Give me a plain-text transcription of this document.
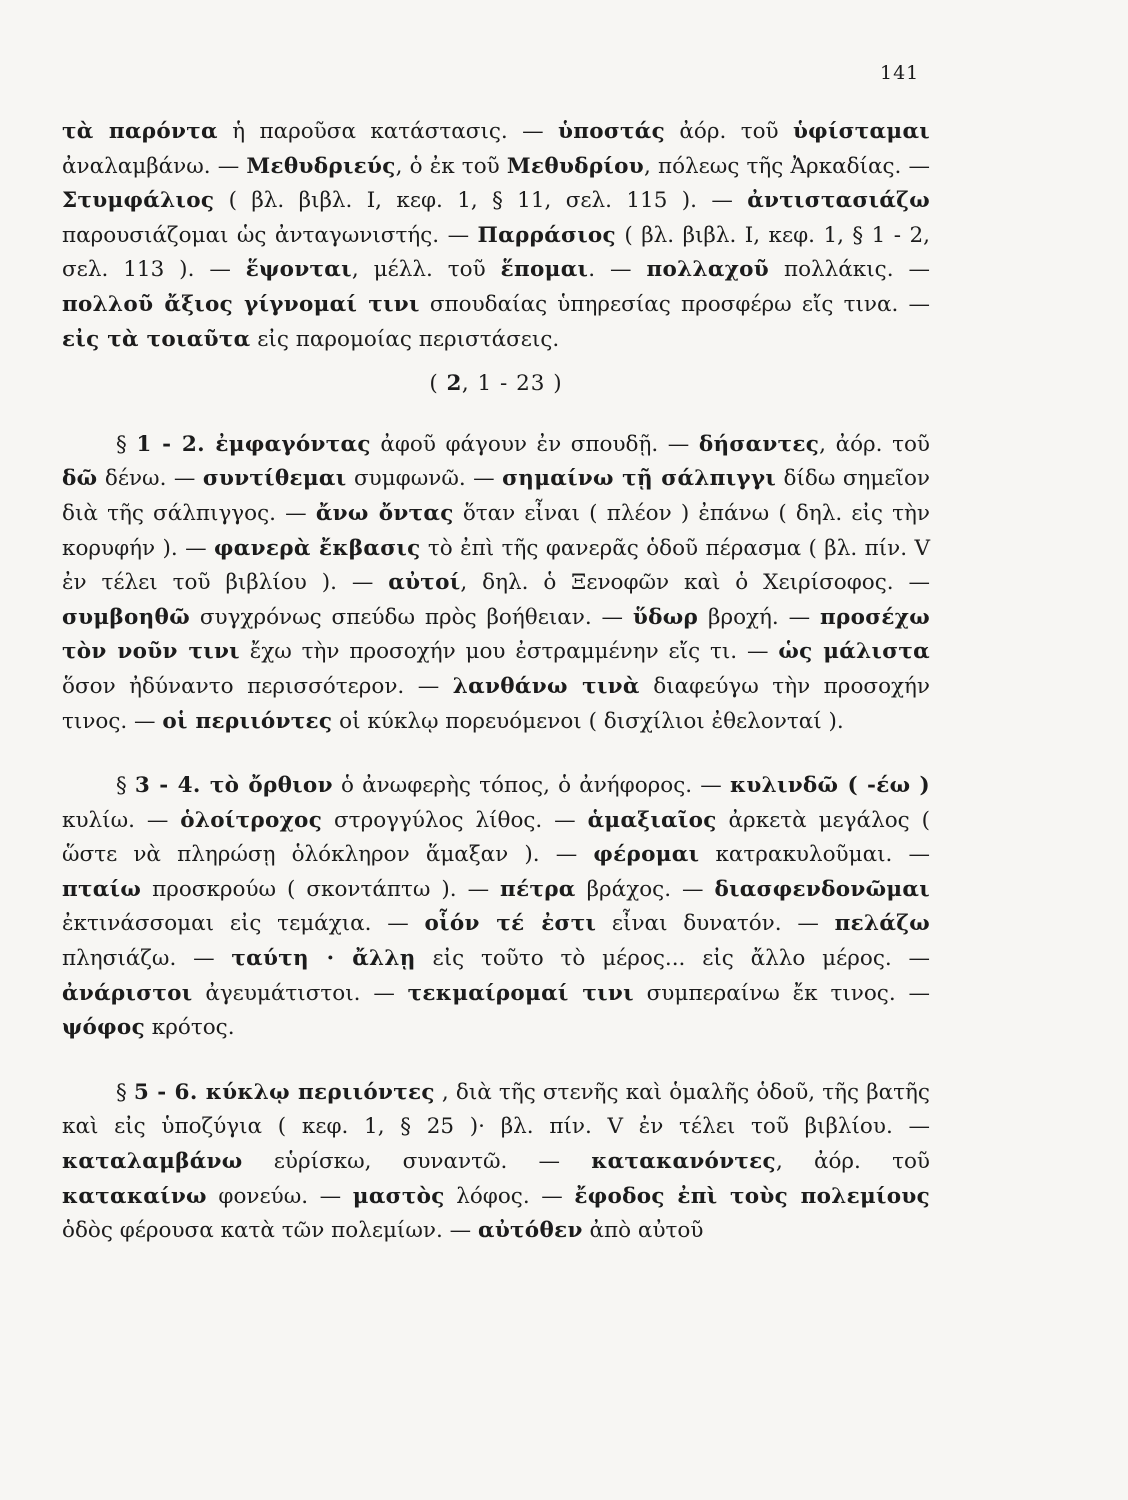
141

τὰ παρόντα ἡ παροῦσα κατάστασις. — ὑποστάς ἀόρ. τοῦ ὑφίσταμαι ἀναλαμβάνω. — Μεθυδριεύς, ὁ ἐκ τοῦ Μεθυδρίου, πόλεως τῆς Ἀρκαδίας. — Στυμφάλιος ( βλ. βιβλ. I, κεφ. 1, § 11, σελ. 115 ). — ἀντιστασιάζω παρουσιάζομαι ὡς ἀνταγωνιστής. — Παρράσιος ( βλ. βιβλ. I, κεφ. 1, § 1 - 2, σελ. 113 ). — ἕψονται, μέλλ. τοῦ ἕπομαι. — πολλαχοῦ πολλάκις. — πολλοῦ ἄξιος γίγνομαί τινι σπουδαίας ὑπηρεσίας προσφέρω εἴς τινα. — εἰς τὰ τοιαῦτα εἰς παρομοίας περιστάσεις.

( 2, 1 - 23 )

§ 1 - 2. ἐμφαγόντας ἀφοῦ φάγουν ἐν σπουδῇ. — δήσαντες, ἀόρ. τοῦ δῶ δένω. — συντίθεμαι συμφωνῶ. — σημαίνω τῇ σάλπιγγι δίδω σημεῖον διὰ τῆς σάλπιγγος. — ἄνω ὄντας ὅταν εἶναι ( πλέον ) ἐπάνω ( δηλ. εἰς τὴν κορυφήν ). — φανερὰ ἔκβασις τὸ ἐπὶ τῆς φανερᾶς ὁδοῦ πέρασμα ( βλ. πίν. V ἐν τέλει τοῦ βιβλίου ). — αὐτοί, δηλ. ὁ Ξενοφῶν καὶ ὁ Χειρίσοφος. — συμβοηθῶ συγχρόνως σπεύδω πρὸς βοήθειαν. — ὕδωρ βροχή. — προσέχω τὸν νοῦν τινι ἔχω τὴν προσοχήν μου ἐστραμμένην εἴς τι. — ὡς μάλιστα ὅσον ἠδύναντο περισσότερον. — λανθάνω τινὰ διαφεύγω τὴν προσοχήν τινος. — οἱ περιιόντες οἱ κύκλῳ πορευόμενοι ( δισχίλιοι ἐθελονταί ).

§ 3 - 4. τὸ ὄρθιον ὁ ἀνωφερὴς τόπος, ὁ ἀνήφορος. — κυλινδῶ ( -έω ) κυλίω. — ὁλοίτροχος στρογγύλος λίθος. — ἁμαξιαῖος ἀρκετὰ μεγάλος ( ὥστε νὰ πληρώσῃ ὁλόκληρον ἅμαξαν ). — φέρομαι κατρακυλοῦμαι. — πταίω προσκρούω ( σκοντάπτω ). — πέτρα βράχος. — διασφενδονῶμαι ἐκτινάσσομαι εἰς τεμάχια. — οἷόν τέ ἐστι εἶναι δυνατόν. — πελάζω πλησιάζω. — ταύτη · ἄλλῃ εἰς τοῦτο τὸ μέρος... εἰς ἄλλο μέρος. — ἀνάριστοι ἀγευμάτιστοι. — τεκμαίρομαί τινι συμπεραίνω ἔκ τινος. — ψόφος κρότος.

§ 5 - 6. κύκλῳ περιιόντες , διὰ τῆς στενῆς καὶ ὁμαλῆς ὁδοῦ, τῆς βατῆς καὶ εἰς ὑποζύγια ( κεφ. 1, § 25 )· βλ. πίν. V ἐν τέλει τοῦ βιβλίου. — καταλαμβάνω εὑρίσκω, συναντῶ. — κατακανόντες, ἀόρ. τοῦ κατακαίνω φονεύω. — μαστὸς λόφος. — ἔφοδος ἐπὶ τοὺς πολεμίους ὁδὸς φέρουσα κατὰ τῶν πολεμίων. — αὐτόθεν ἀπὸ αὐτοῦ
